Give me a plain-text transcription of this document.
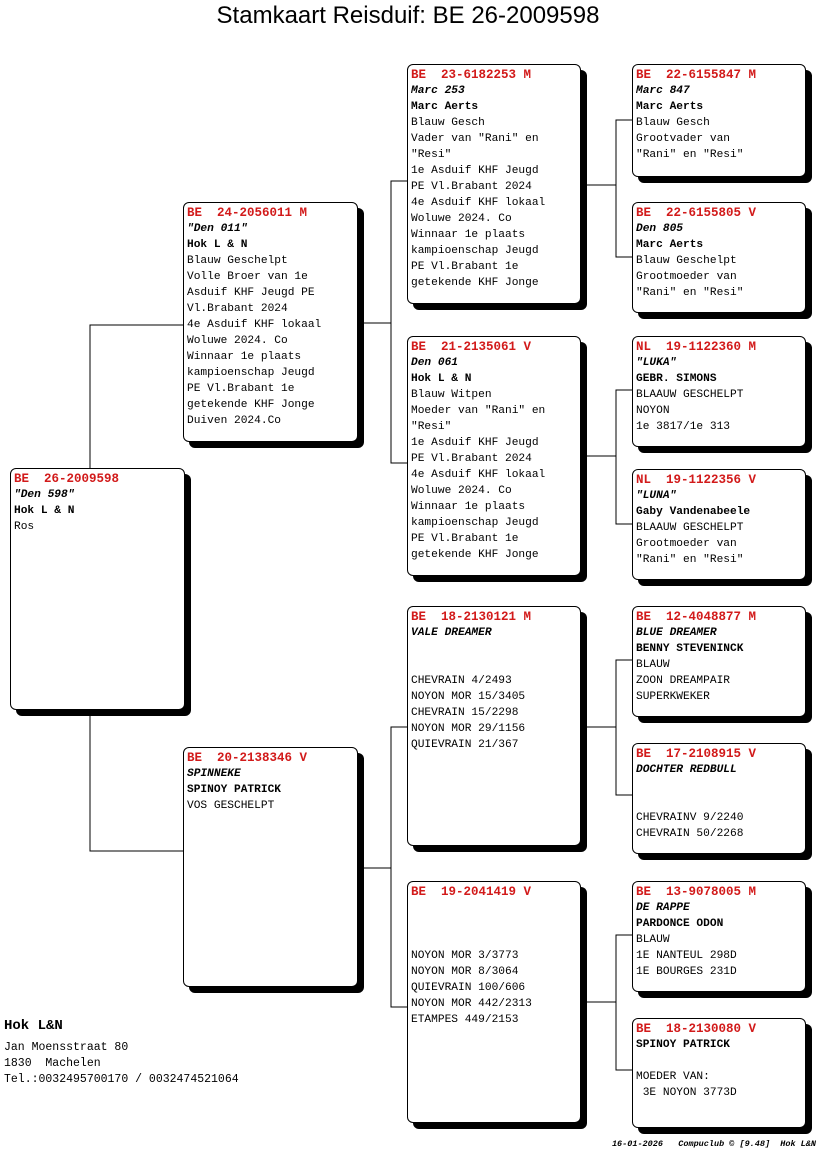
Stamkaart Reisduif: BE 26-2009598
BE  26-2009598
"Den 598"
Hok L & N
Ros
BE  24-2056011 M
"Den 011"
Hok L & N
Blauw Geschelpt
Volle Broer van 1e
Asduif KHF Jeugd PE
Vl.Brabant 2024
4e Asduif KHF lokaal
Woluwe 2024. Co
Winnaar 1e plaats
kampioenschap Jeugd
PE Vl.Brabant 1e
getekende KHF Jonge
Duiven 2024.Co
BE  20-2138346 V
SPINNEKE
SPINOY PATRICK
VOS GESCHELPT
BE  23-6182253 M
Marc 253
Marc Aerts
Blauw Gesch
Vader van "Rani" en
"Resi"
1e Asduif KHF Jeugd
PE Vl.Brabant 2024
4e Asduif KHF lokaal
Woluwe 2024. Co
Winnaar 1e plaats
kampioenschap Jeugd
PE Vl.Brabant 1e
getekende KHF Jonge
BE  21-2135061 V
Den 061
Hok L & N
Blauw Witpen
Moeder van "Rani" en
"Resi"
1e Asduif KHF Jeugd
PE Vl.Brabant 2024
4e Asduif KHF lokaal
Woluwe 2024. Co
Winnaar 1e plaats
kampioenschap Jeugd
PE Vl.Brabant 1e
getekende KHF Jonge
BE  18-2130121 M
VALE DREAMER
CHEVRAIN 4/2493
NOYON MOR 15/3405
CHEVRAIN 15/2298
NOYON MOR 29/1156
QUIEVRAIN 21/367
BE  19-2041419 V
NOYON MOR 3/3773
NOYON MOR 8/3064
QUIEVRAIN 100/606
NOYON MOR 442/2313
ETAMPES 449/2153
BE  22-6155847 M
Marc 847
Marc Aerts
Blauw Gesch
Grootvader van
"Rani" en "Resi"
BE  22-6155805 V
Den 805
Marc Aerts
Blauw Geschelpt
Grootmoeder van
"Rani" en "Resi"
NL  19-1122360 M
"LUKA"
GEBR. SIMONS
BLAAUW GESCHELPT
NOYON
1e 3817/1e 313
NL  19-1122356 V
"LUNA"
Gaby Vandenabeele
BLAAUW GESCHELPT
Grootmoeder van
"Rani" en "Resi"
BE  12-4048877 M
BLUE DREAMER
BENNY STEVENINCK
BLAUW
ZOON DREAMPAIR
SUPERKWEKER
BE  17-2108915 V
DOCHTER REDBULL
CHEVRAINV 9/2240
CHEVRAIN 50/2268
BE  13-9078005 M
DE RAPPE
PARDONCE ODON
BLAUW
1E NANTEUL 298D
1E BOURGES 231D
BE  18-2130080 V
SPINOY PATRICK
MOEDER VAN:
3E NOYON 3773D
Hok L&N
Jan Moensstraat 80
1830  Machelen
Tel.:0032495700170 / 0032474521064
16-01-2026   Compuclub © [9.48]  Hok L&N
